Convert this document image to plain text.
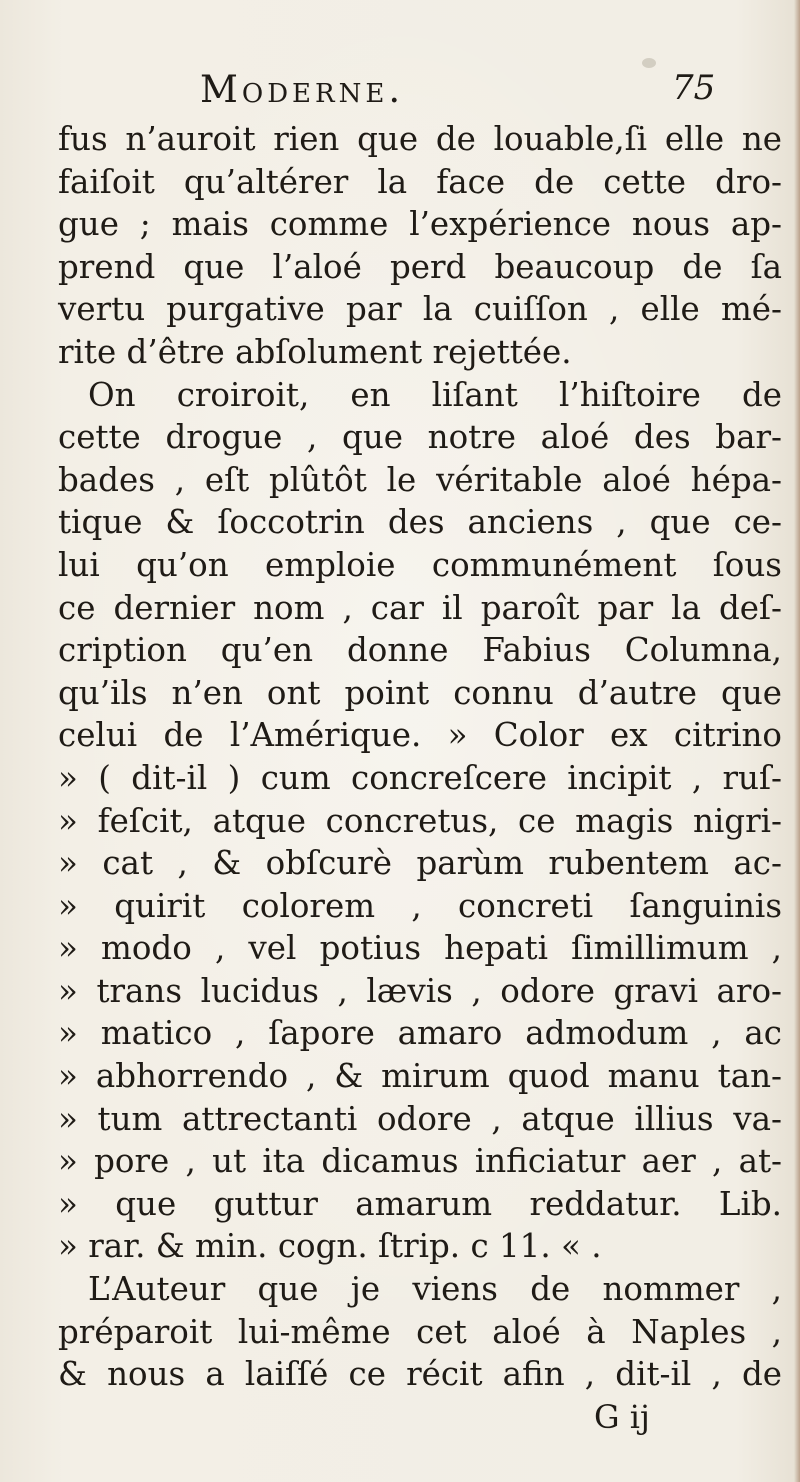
Moderne.	75
fus n’auroit rien que de louable,ſi elle ne
faiſoit qu’altérer la face de cette dro-
gue ; mais comme l’expérience nous ap-
prend que l’aloé perd beaucoup de ſa
vertu purgative par la cuiſſon , elle mé-
rite d’être abſolument rejettée.
On croiroit, en liſant l’hiſtoire de
cette drogue , que notre aloé des bar-
bades , eſt plûtôt le véritable aloé hépa-
tique & ſoccotrin des anciens , que ce-
lui qu’on emploie communément ſous
ce dernier nom , car il paroît par la deſ-
cription qu’en donne Fabius Columna,
qu’ils n’en ont point connu d’autre que
celui de l’Amérique. » Color ex citrino
» ( dit-il ) cum concreſcere incipit , ruſ-
» feſcit, atque concretus, ce magis nigri-
» cat , & obſcurè parùm rubentem ac-
» quirit colorem , concreti ſanguinis
» modo , vel potius hepati ſimillimum ,
» trans lucidus , lævis , odore gravi aro-
» matico , ſapore amaro admodum , ac
» abhorrendo , & mirum quod manu tan-
» tum attrectanti odore , atque illius va-
» pore , ut ita dicamus inficiatur aer , at-
» que guttur amarum reddatur. Lib.
» rar. & min. cogn. ſtrip. c 11. « .
L’Auteur que je viens de nommer ,
préparoit lui-même cet aloé à Naples ,
& nous a laiſſé ce récit afin , dit-il , de
G ij
